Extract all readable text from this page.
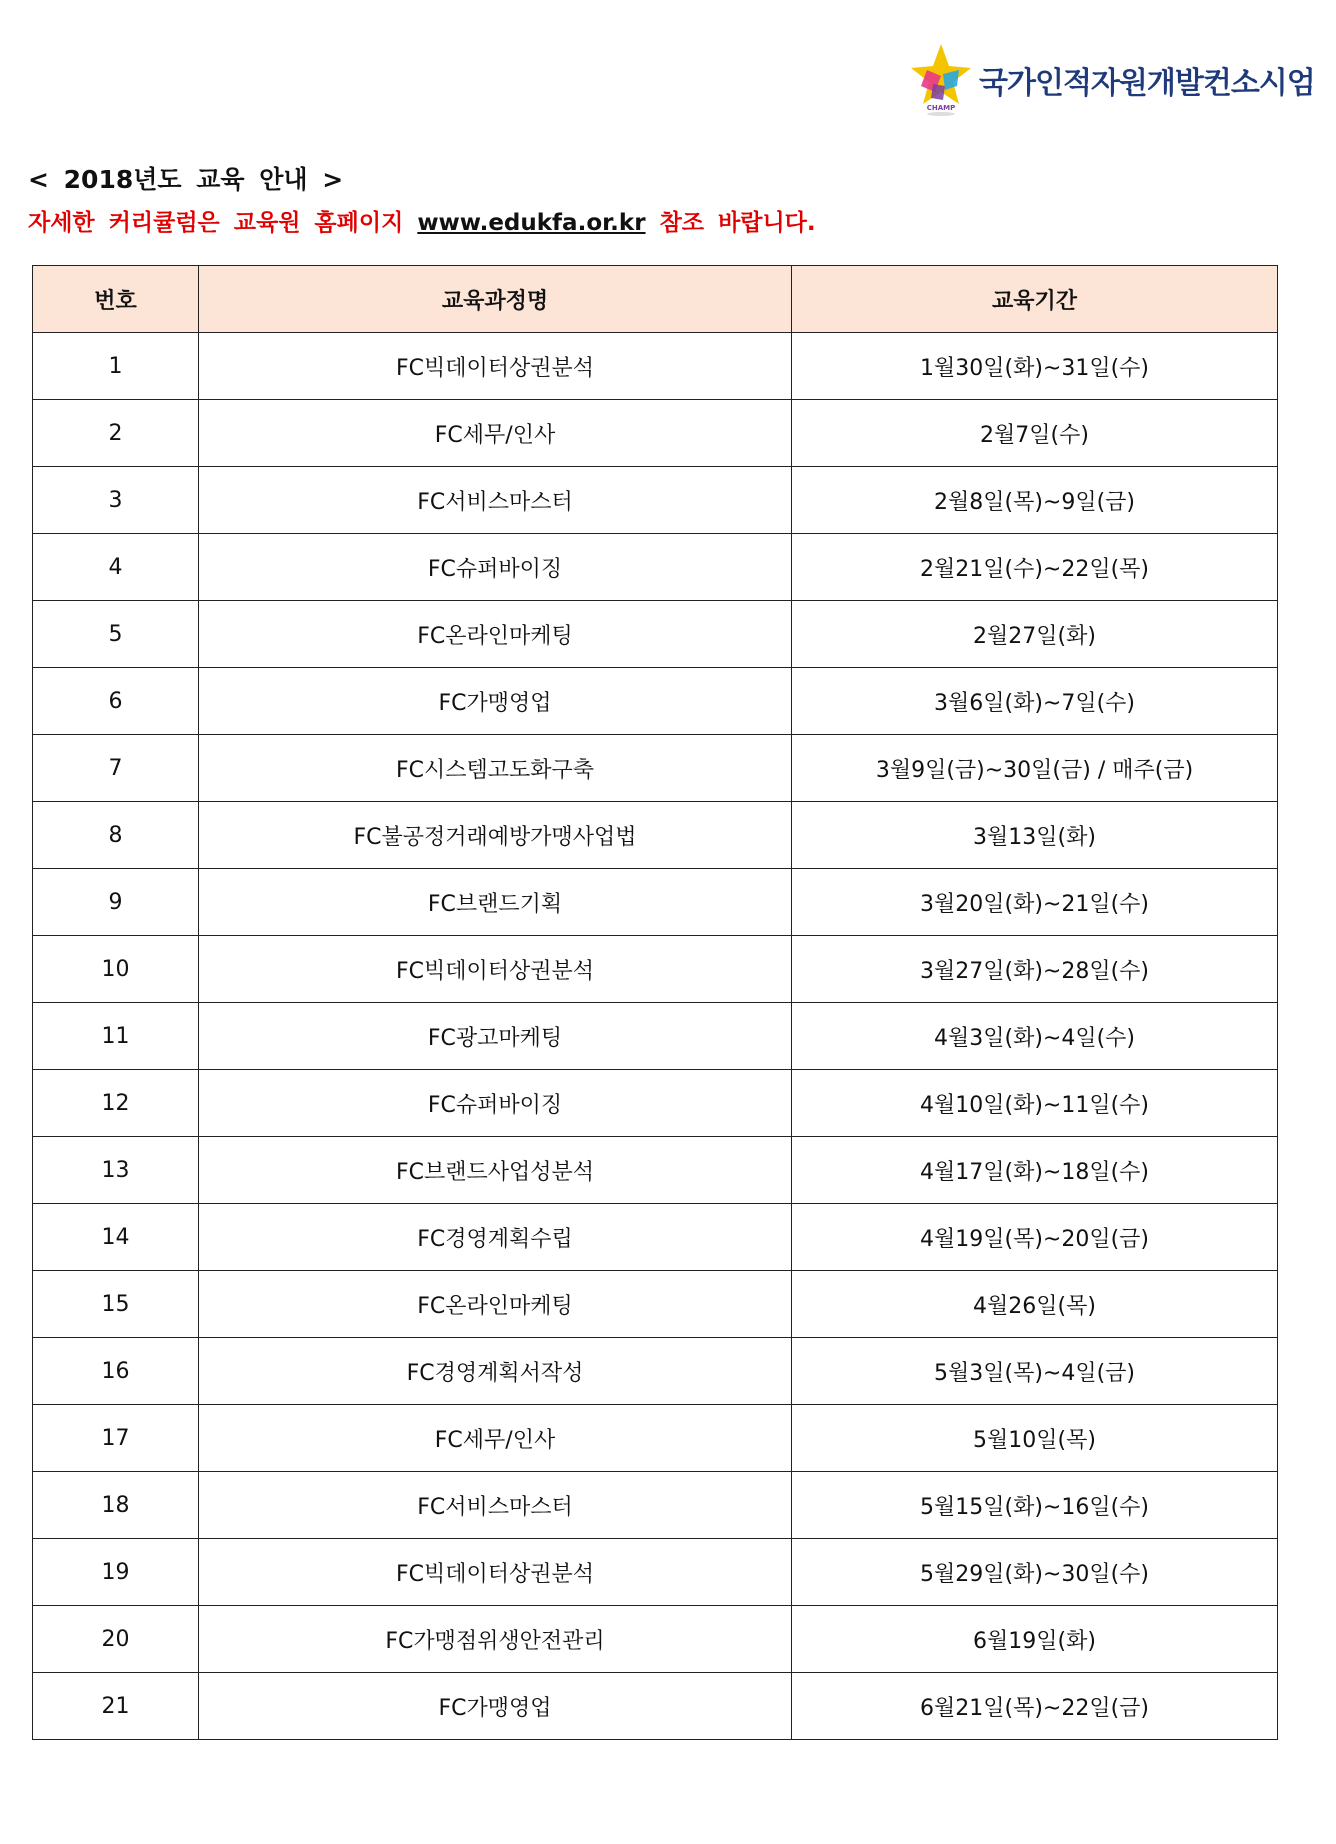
CHAMP
국가인적자원개발컨소시엄
< 2018년도 교육 안내 >
자세한 커리큘럼은 교육원 홈페이지 www.edukfa.or.kr 참조 바랍니다.
번호	교육과정명	교육기간
1	FC빅데이터상권분석	1월30일(화)~31일(수)
2	FC세무/인사	2월7일(수)
3	FC서비스마스터	2월8일(목)~9일(금)
4	FC슈퍼바이징	2월21일(수)~22일(목)
5	FC온라인마케팅	2월27일(화)
6	FC가맹영업	3월6일(화)~7일(수)
7	FC시스템고도화구축	3월9일(금)~30일(금) / 매주(금)
8	FC불공정거래예방가맹사업법	3월13일(화)
9	FC브랜드기획	3월20일(화)~21일(수)
10	FC빅데이터상권분석	3월27일(화)~28일(수)
11	FC광고마케팅	4월3일(화)~4일(수)
12	FC슈퍼바이징	4월10일(화)~11일(수)
13	FC브랜드사업성분석	4월17일(화)~18일(수)
14	FC경영계획수립	4월19일(목)~20일(금)
15	FC온라인마케팅	4월26일(목)
16	FC경영계획서작성	5월3일(목)~4일(금)
17	FC세무/인사	5월10일(목)
18	FC서비스마스터	5월15일(화)~16일(수)
19	FC빅데이터상권분석	5월29일(화)~30일(수)
20	FC가맹점위생안전관리	6월19일(화)
21	FC가맹영업	6월21일(목)~22일(금)
